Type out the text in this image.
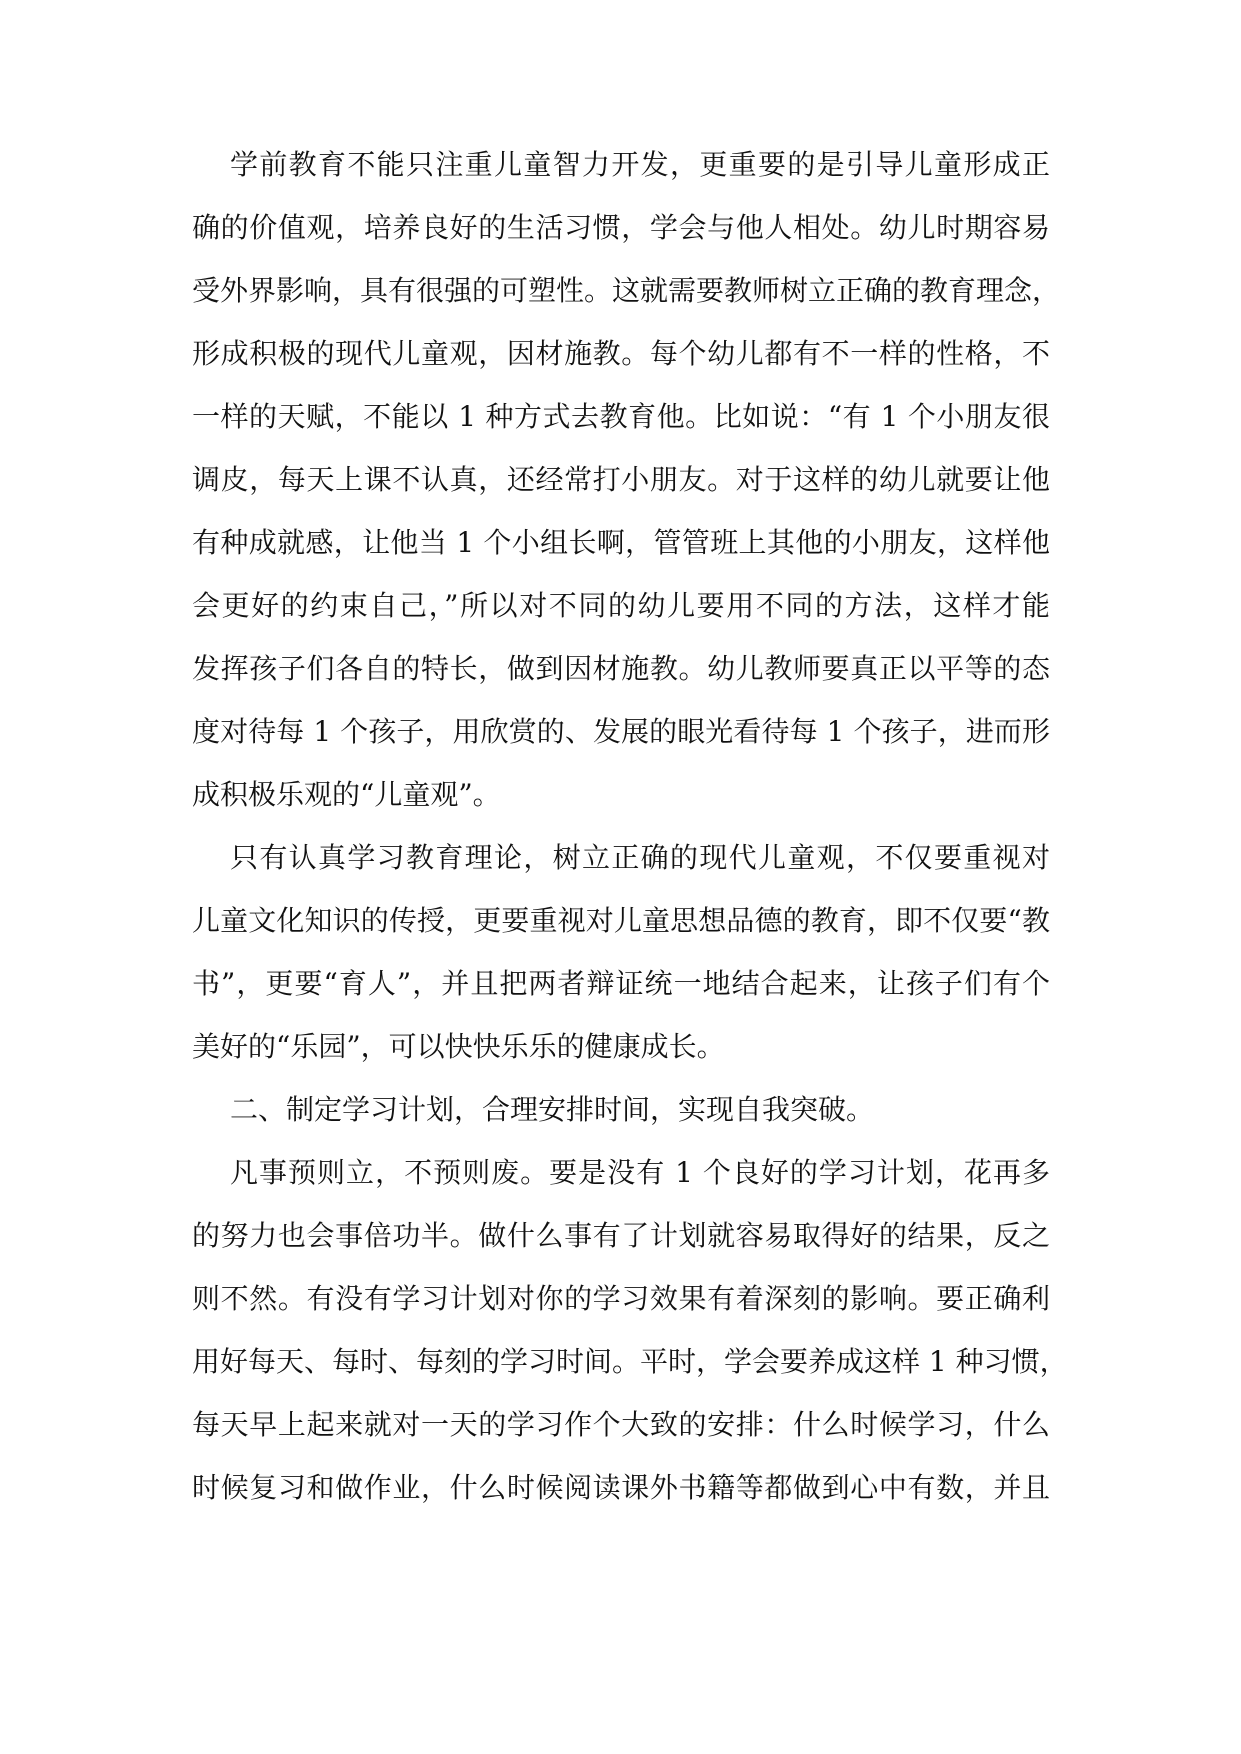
学前教育不能只注重儿童智力开发，更重要的是引导儿童形成正
确的价值观，培养良好的生活习惯，学会与他人相处。幼儿时期容易
受外界影响，具有很强的可塑性。这就需要教师树立正确的教育理念，
形成积极的现代儿童观，因材施教。每个幼儿都有不一样的性格，不
一样的天赋，不能以 1 种方式去教育他。比如说：“有 1 个小朋友很
调皮，每天上课不认真，还经常打小朋友。对于这样的幼儿就要让他
有种成就感，让他当 1 个小组长啊，管管班上其他的小朋友，这样他
会更好的约束自己，”所以对不同的幼儿要用不同的方法，这样才能
发挥孩子们各自的特长，做到因材施教。幼儿教师要真正以平等的态
度对待每 1 个孩子，用欣赏的、发展的眼光看待每 1 个孩子，进而形
成积极乐观的“儿童观”。
只有认真学习教育理论，树立正确的现代儿童观，不仅要重视对
儿童文化知识的传授，更要重视对儿童思想品德的教育，即不仅要“教
书”，更要“育人”，并且把两者辩证统一地结合起来，让孩子们有个
美好的“乐园”，可以快快乐乐的健康成长。
二、制定学习计划，合理安排时间，实现自我突破。
凡事预则立，不预则废。要是没有 1 个良好的学习计划，花再多
的努力也会事倍功半。做什么事有了计划就容易取得好的结果，反之
则不然。有没有学习计划对你的学习效果有着深刻的影响。要正确利
用好每天、每时、每刻的学习时间。平时，学会要养成这样 1 种习惯，
每天早上起来就对一天的学习作个大致的安排：什么时候学习，什么
时候复习和做作业，什么时候阅读课外书籍等都做到心中有数，并且
